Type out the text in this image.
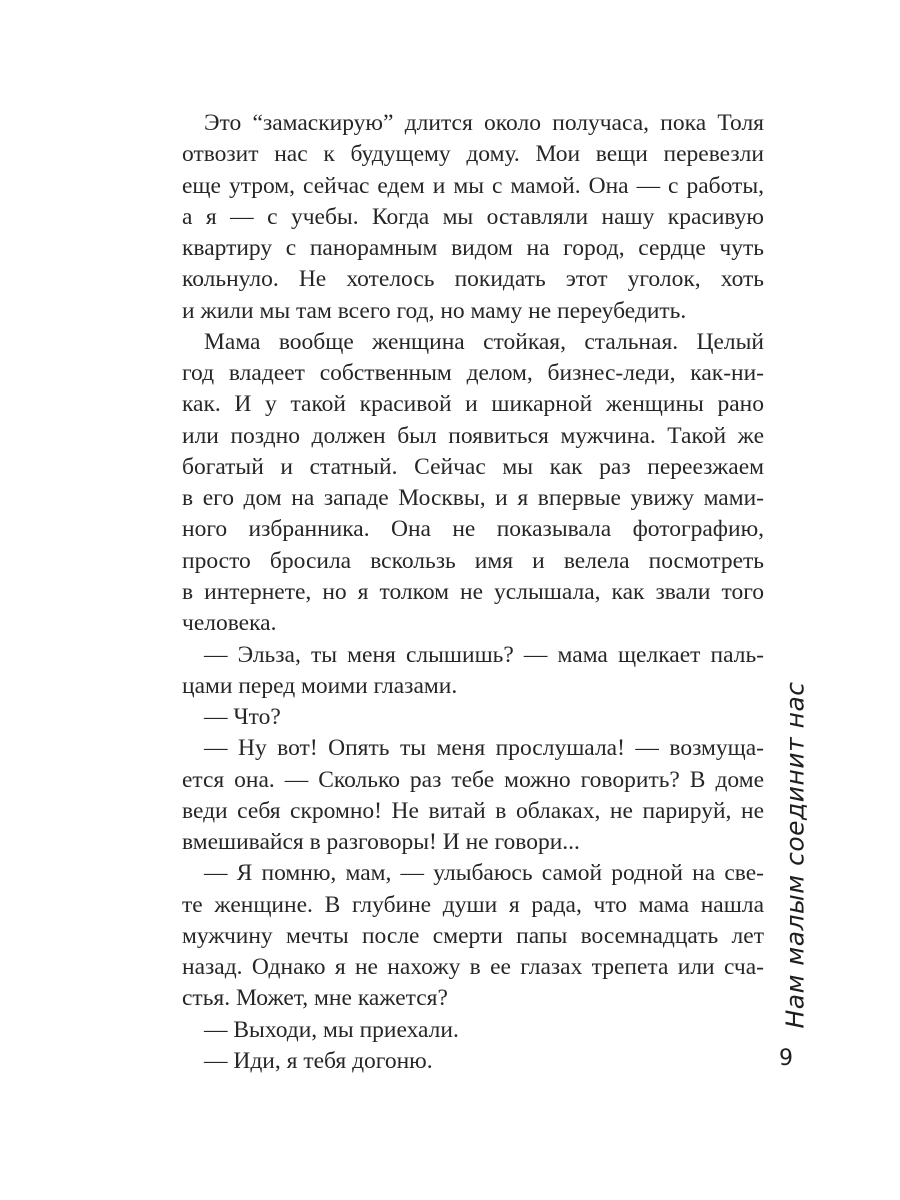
Это “замаскирую” длится около получаса, пока Толя
отвозит нас к будущему дому. Мои вещи перевезли
еще утром, сейчас едем и мы с мамой. Она — с работы,
а я — с учебы. Когда мы оставляли нашу красивую
квартиру с панорамным видом на город, сердце чуть
кольнуло. Не хотелось покидать этот уголок, хоть
и жили мы там всего год, но маму не переубедить.
Мама вообще женщина стойкая, стальная. Целый
год владеет собственным делом, бизнес-леди, как-ни-
как. И у такой красивой и шикарной женщины рано
или поздно должен был появиться мужчина. Такой же
богатый и статный. Сейчас мы как раз переезжаем
в его дом на западе Москвы, и я впервые увижу мами-
ного избранника. Она не показывала фотографию,
просто бросила вскользь имя и велела посмотреть
в интернете, но я толком не услышала, как звали того
человека.
— Эльза, ты меня слышишь? — мама щелкает паль-
цами перед моими глазами.
— Что?
— Ну вот! Опять ты меня прослушала! — возмуща-
ется она. — Сколько раз тебе можно говорить? В доме
веди себя скромно! Не витай в облаках, не парируй, не
вмешивайся в разговоры! И не говори...
— Я помню, мам, — улыбаюсь самой родной на све-
те женщине. В глубине души я рада, что мама нашла
мужчину мечты после смерти папы восемнадцать лет
назад. Однако я не нахожу в ее глазах трепета или сча-
стья. Может, мне кажется?
— Выходи, мы приехали.
— Иди, я тебя догоню.
Нам малым соединит нас
9
